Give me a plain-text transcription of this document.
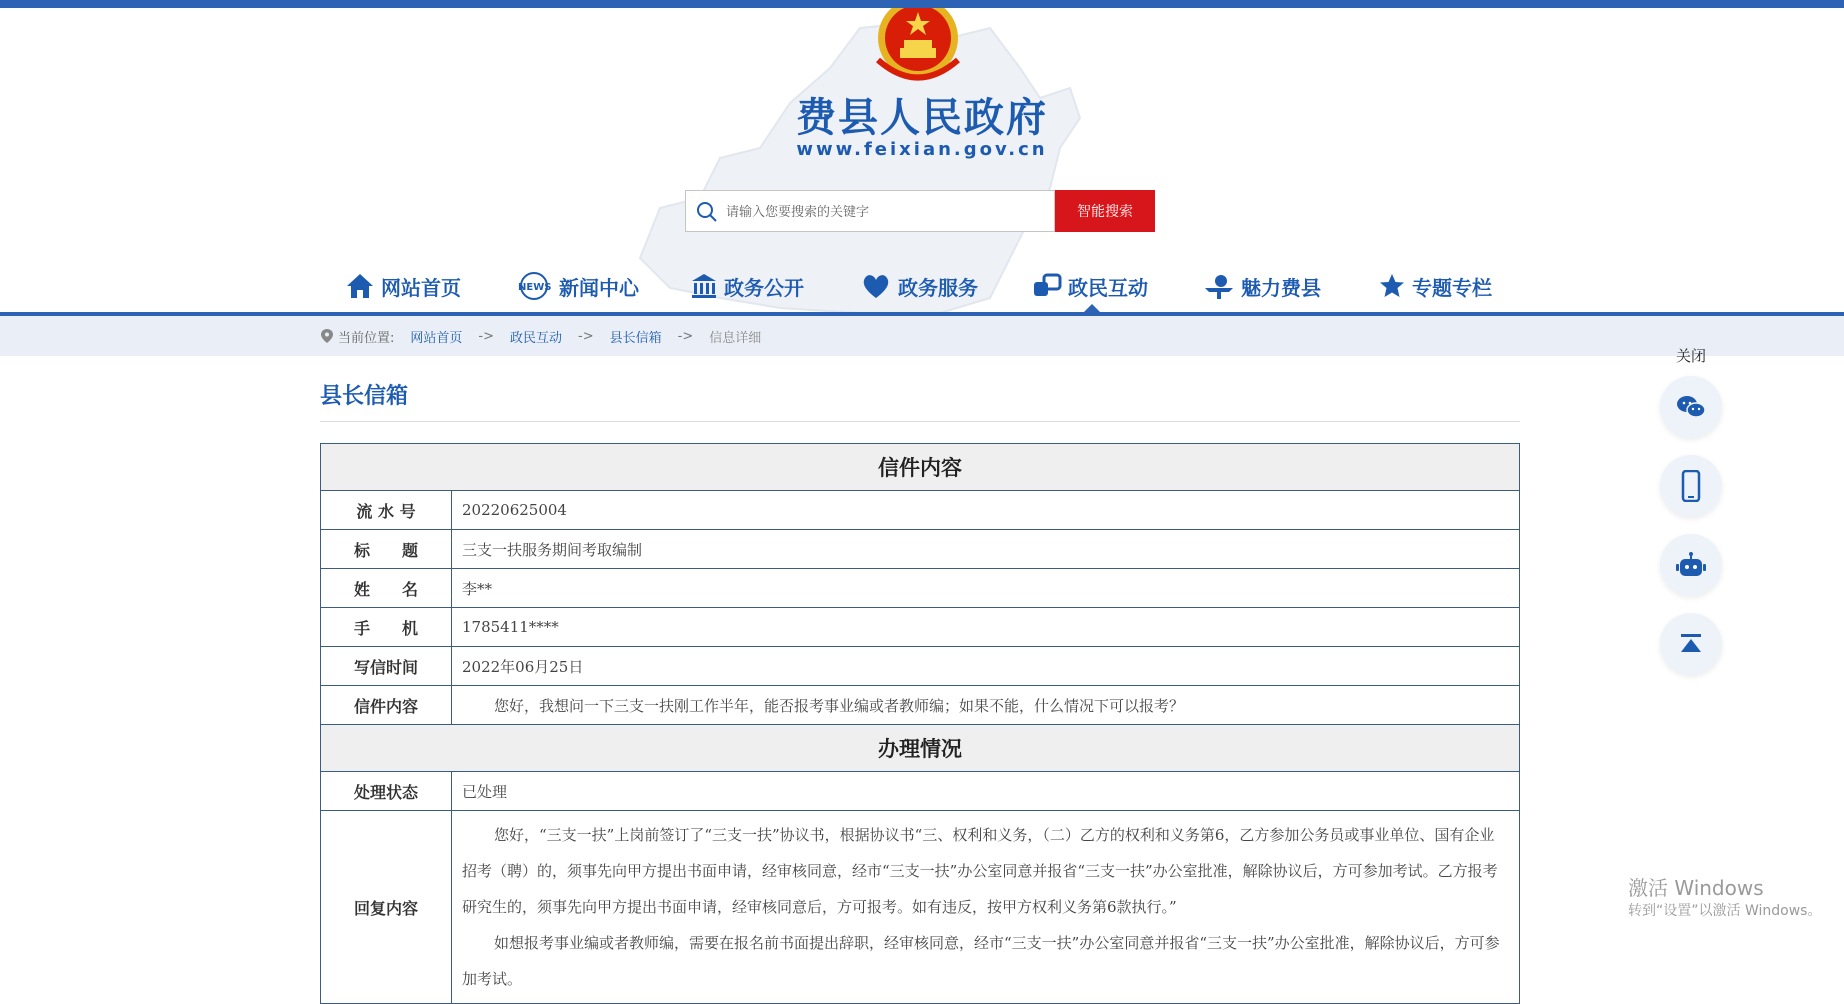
费县人民政府
www.feixian.gov.cn
请输入您要搜索的关键字
智能搜索
网站首页	NEWS 新闻中心	政务公开	政务服务	政民互动	魅力费县	专题专栏
当前位置: 网站首页 -> 政民互动 -> 县长信箱 -> 信息详细
县长信箱
信件内容	
流 水 号	20220625004
标　　题	三支一扶服务期间考取编制
姓　　名	李**
手　　机	1785411****
写信时间	2022年06月25日
信件内容	您好，我想问一下三支一扶刚工作半年，能否报考事业编或者教师编；如果不能，什么情况下可以报考？
办理情况	
处理状态	已处理
回复内容	您好，“三支一扶”上岗前签订了“三支一扶”协议书，根据协议书“三、权利和义务，（二）乙方的权利和义务第6，乙方参加公务员或事业单位、国有企业招考（聘）的，须事先向甲方提出书面申请，经审核同意，经市“三支一扶”办公室同意并报省“三支一扶”办公室批准，解除协议后，方可参加考试。乙方报考研究生的，须事先向甲方提出书面申请，经审核同意后，方可报考。如有违反，按甲方权利义务第6款执行。”

如想报考事业编或者教师编，需要在报名前书面提出辞职，经审核同意，经市“三支一扶”办公室同意并报省“三支一扶”办公室批准，解除协议后，方可参加考试。

关闭
激活 Windows
转到“设置”以激活 Windows。
